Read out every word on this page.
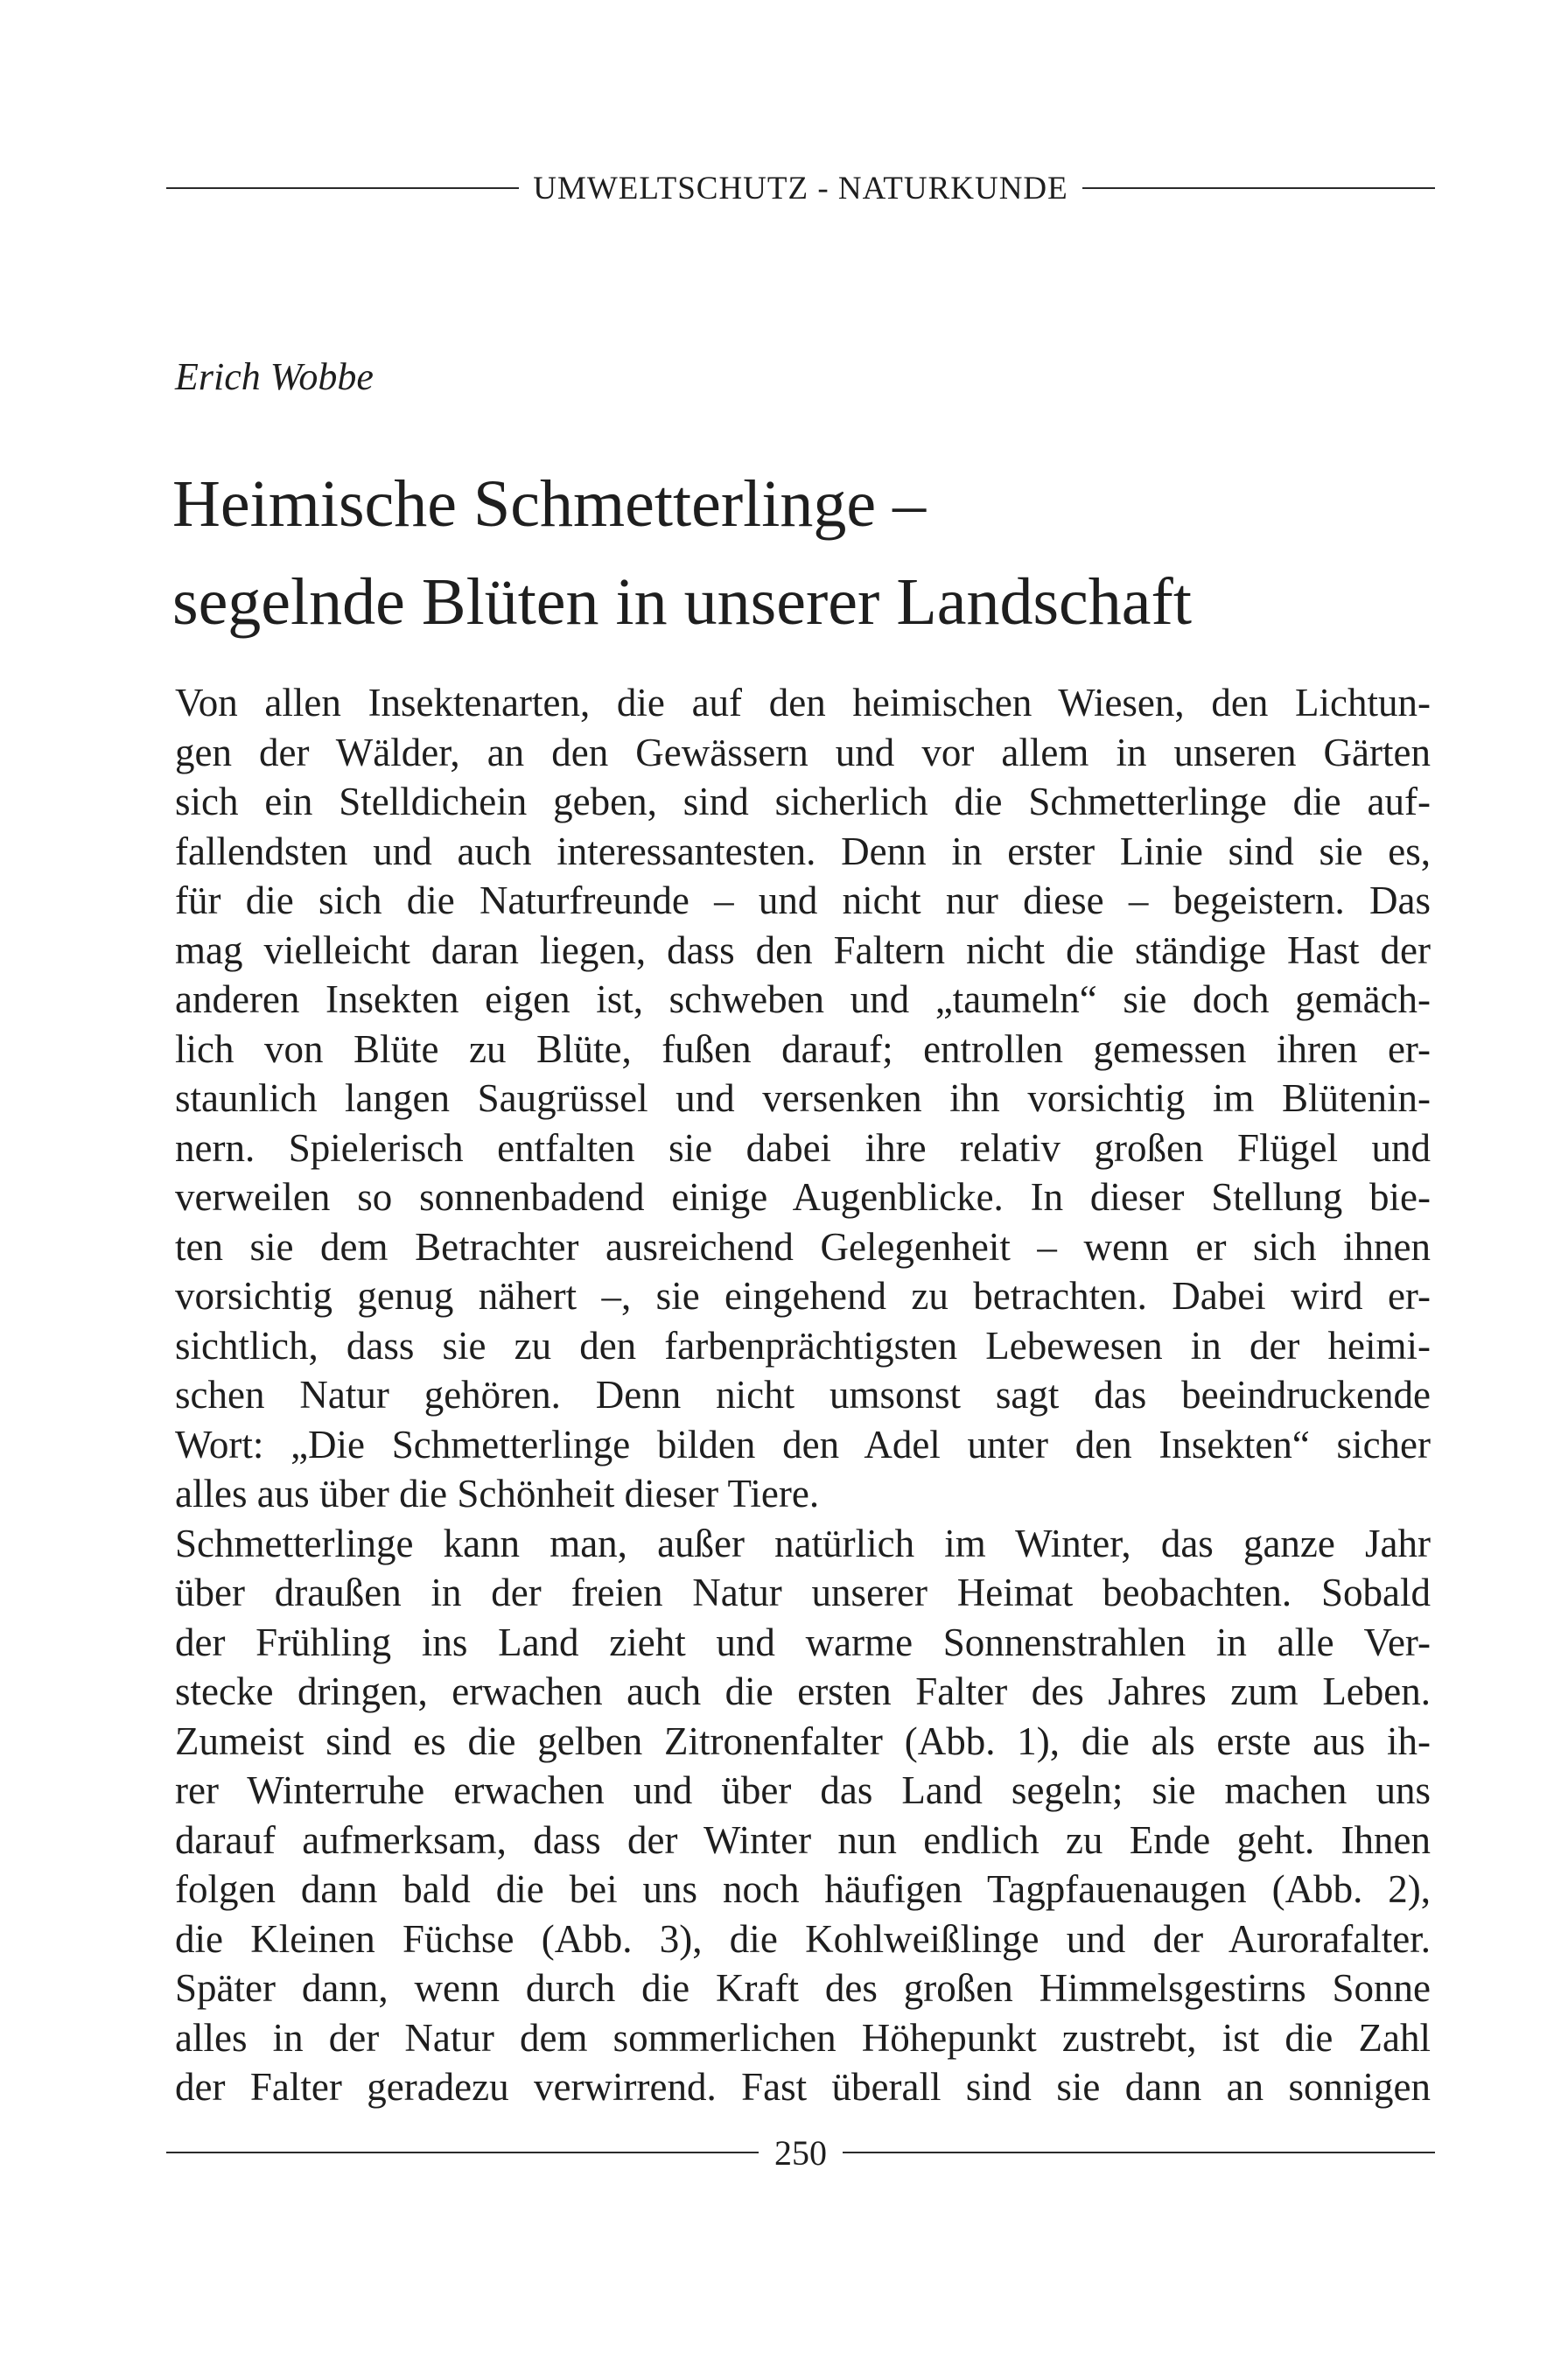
UMWELTSCHUTZ - NATURKUNDE
Erich Wobbe
Heimische Schmetterlinge –
segelnde Blüten in unserer Landschaft
Von allen Insektenarten, die auf den heimischen Wiesen, den Lichtun-
gen der Wälder, an den Gewässern und vor allem in unseren Gärten
sich ein Stelldichein geben, sind sicherlich die Schmetterlinge die auf-
fallendsten und auch interessantesten. Denn in erster Linie sind sie es,
für die sich die Naturfreunde – und nicht nur diese – begeistern. Das
mag vielleicht daran liegen, dass den Faltern nicht die ständige Hast der
anderen Insekten eigen ist, schweben und „taumeln“ sie doch gemäch-
lich von Blüte zu Blüte, fußen darauf; entrollen gemessen ihren er-
staunlich langen Saugrüssel und versenken ihn vorsichtig im Blütenin-
nern. Spielerisch entfalten sie dabei ihre relativ großen Flügel und
verweilen so sonnenbadend einige Augenblicke. In dieser Stellung bie-
ten sie dem Betrachter ausreichend Gelegenheit – wenn er sich ihnen
vorsichtig genug nähert –, sie eingehend zu betrachten. Dabei wird er-
sichtlich, dass sie zu den farbenprächtigsten Lebewesen in der heimi-
schen Natur gehören. Denn nicht umsonst sagt das beeindruckende
Wort: „Die Schmetterlinge bilden den Adel unter den Insekten“ sicher
alles aus über die Schönheit dieser Tiere.
Schmetterlinge kann man, außer natürlich im Winter, das ganze Jahr
über draußen in der freien Natur unserer Heimat beobachten. Sobald
der Frühling ins Land zieht und warme Sonnenstrahlen in alle Ver-
stecke dringen, erwachen auch die ersten Falter des Jahres zum Leben.
Zumeist sind es die gelben Zitronenfalter (Abb. 1), die als erste aus ih-
rer Winterruhe erwachen und über das Land segeln; sie machen uns
darauf aufmerksam, dass der Winter nun endlich zu Ende geht. Ihnen
folgen dann bald die bei uns noch häufigen Tagpfauenaugen (Abb. 2),
die Kleinen Füchse (Abb. 3), die Kohlweißlinge und der Aurorafalter.
Später dann, wenn durch die Kraft des großen Himmelsgestirns Sonne
alles in der Natur dem sommerlichen Höhepunkt zustrebt, ist die Zahl
der Falter geradezu verwirrend. Fast überall sind sie dann an sonnigen
250
